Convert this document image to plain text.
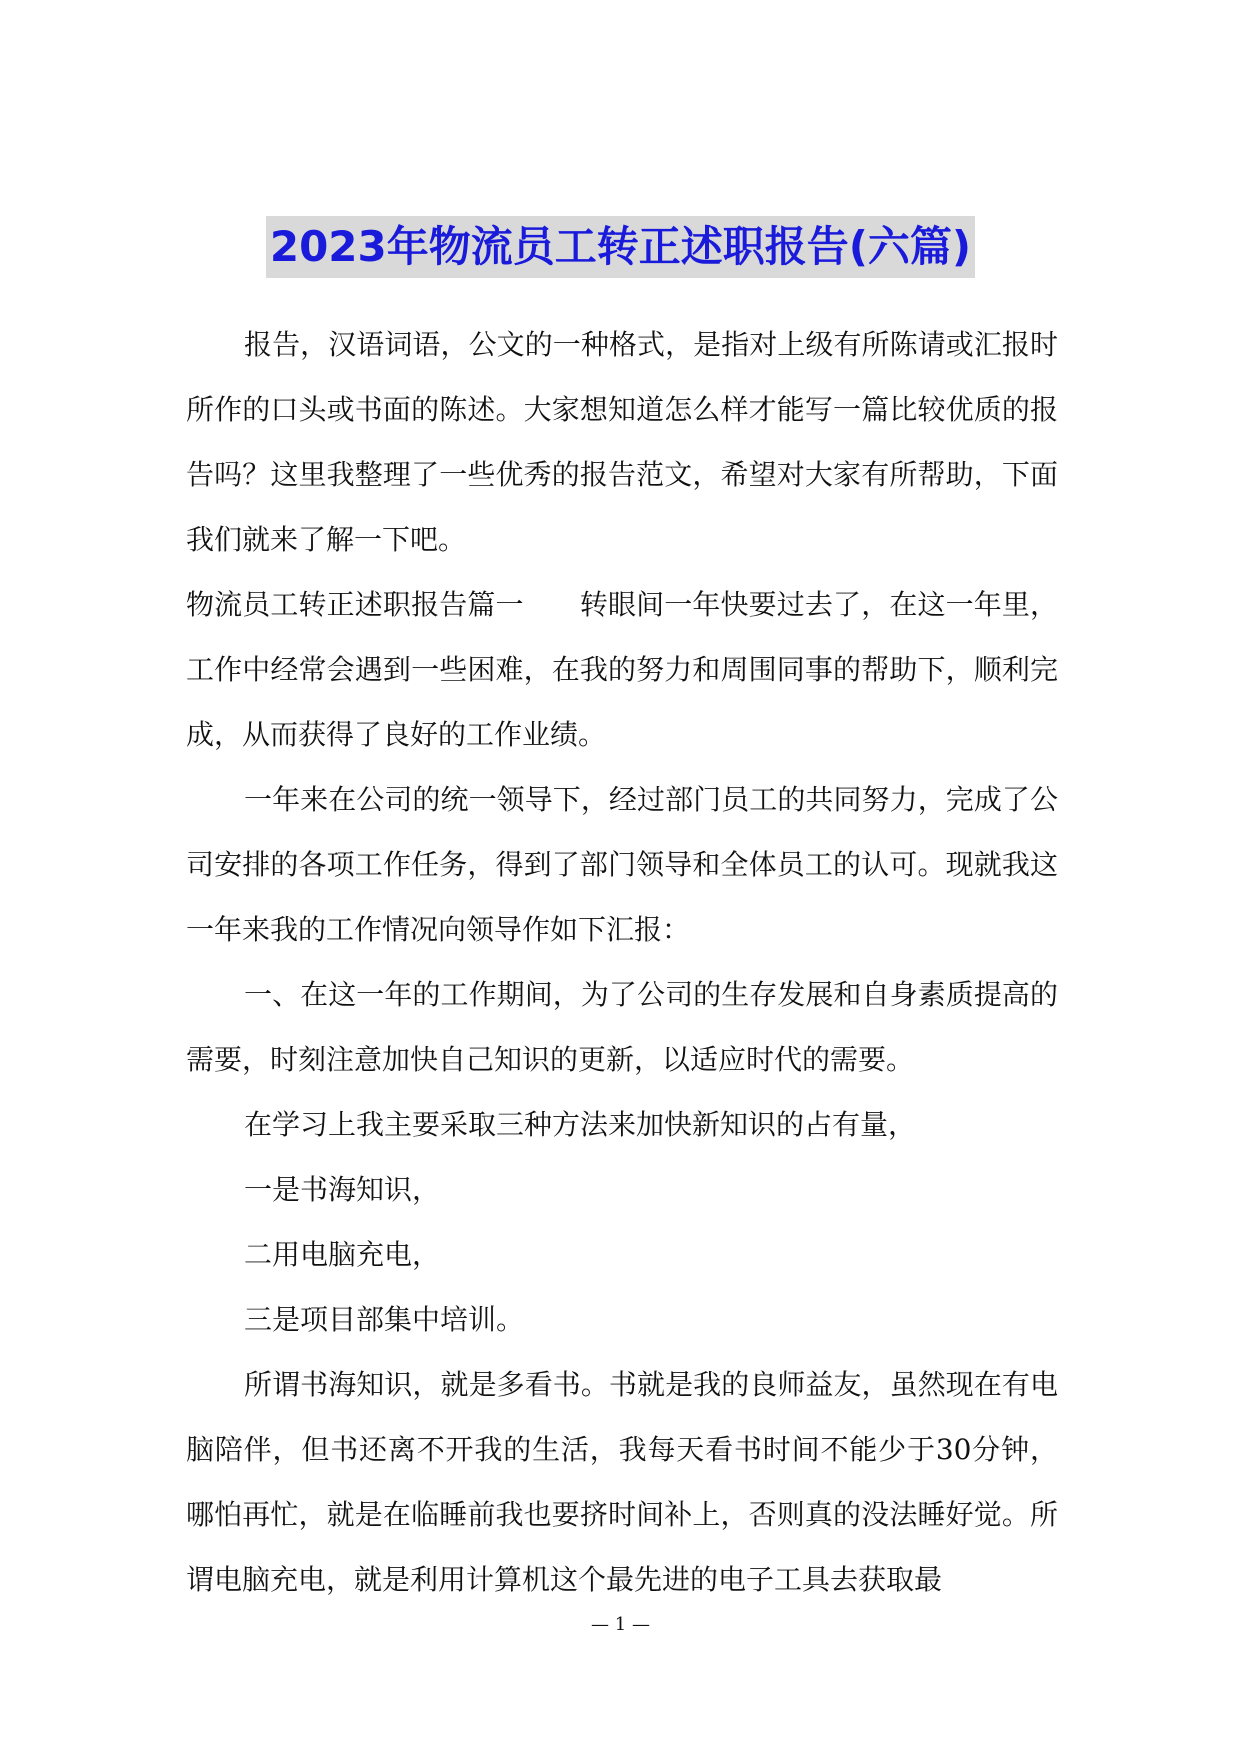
2023年物流员工转正述职报告(六篇)

报告，汉语词语，公文的一种格式，是指对上级有所陈请或汇报时所作的口头或书面的陈述。大家想知道怎么样才能写一篇比较优质的报告吗？这里我整理了一些优秀的报告范文，希望对大家有所帮助，下面我们就来了解一下吧。

物流员工转正述职报告篇一　　转眼间一年快要过去了，在这一年里，工作中经常会遇到一些困难，在我的努力和周围同事的帮助下，顺利完成，从而获得了良好的工作业绩。

一年来在公司的统一领导下，经过部门员工的共同努力，完成了公司安排的各项工作任务，得到了部门领导和全体员工的认可。现就我这一年来我的工作情况向领导作如下汇报：

一、在这一年的工作期间，为了公司的生存发展和自身素质提高的需要，时刻注意加快自己知识的更新，以适应时代的需要。

在学习上我主要采取三种方法来加快新知识的占有量，

一是书海知识，

二用电脑充电，

三是项目部集中培训。

所谓书海知识，就是多看书。书就是我的良师益友，虽然现在有电脑陪伴，但书还离不开我的生活，我每天看书时间不能少于30分钟，哪怕再忙，就是在临睡前我也要挤时间补上，否则真的没法睡好觉。所谓电脑充电，就是利用计算机这个最先进的电子工具去获取最

— 1 —
